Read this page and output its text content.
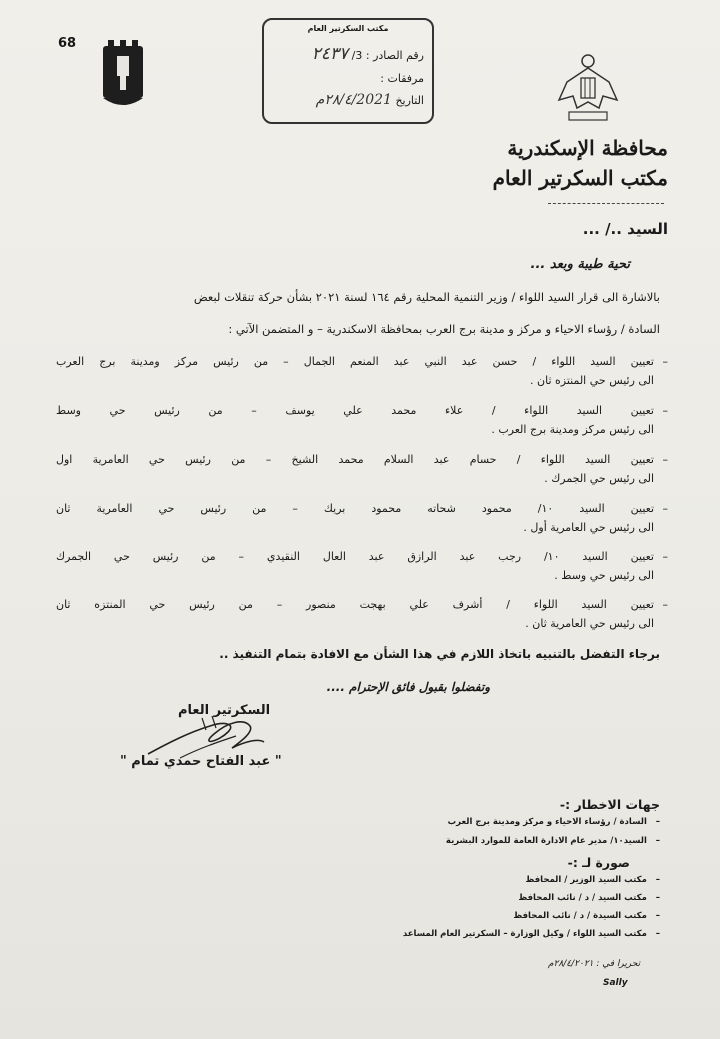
68
مكتب السكرتير العام
رقم الصادر : 3/ ٢٤٣٧
مرفقات :
التاريخ ٢٨/٤/2021م
محافظة الإسكندرية
مكتب السكرتير العام
السيد ../ ...
تحية طيبة وبعد ...
بالاشارة الى قرار السيد اللواء / وزير التنمية المحلية رقم ١٦٤ لسنة ٢٠٢١ بشأن حركة تنقلات لبعض
السادة / رؤساء الاحياء و مركز و مدينة برج العرب بمحافظة الاسكندرية – و المتضمن الآتي :
–
تعيين السيد اللواء / حسن عبد النبي عبد المنعم الجمال – من رئيس مركز ومدينة برج العرب
الى رئيس حي المنتزه ثان .
–
تعيين السيد اللواء / علاء محمد علي يوسف – من رئيس حي وسط
الى رئيس مركز ومدينة برج العرب .
–
تعيين السيد اللواء / حسام عبد السلام محمد الشيخ – من رئيس حي العامرية اول
الى رئيس حي الجمرك .
–
تعيين السيد ١٠/ محمود شحاته محمود بريك – من رئيس حي العامرية ثان
الى رئيس حي العامرية أول .
–
تعيين السيد ١٠/ رجب عبد الرازق عبد العال النقيدي – من رئيس حي الجمرك
الى رئيس حي وسط .
–
تعيين السيد اللواء / أشرف علي بهجت منصور – من رئيس حي المنتزه ثان
الى رئيس حي العامرية ثان .
برجاء التفضل بالتنبيه باتخاذ اللازم في هذا الشأن مع الافادة بتمام التنفيذ ..
وتفضلوا بقبول فائق الإحترام ....
السكرتير العام
" عبد الفتاح حمدي تمام "
جهات الاخطار :-
–   السادة / رؤساء الاحياء و مركز ومدينة برج العرب
–   السيد١٠/ مدير عام الادارة العامة للموارد البشرية
صورة لـ :-
–   مكتب السيد الوزير / المحافظ
–   مكتب السيد / د / نائب المحافظ
–   مكتب السيدة / د / نائب المحافظ
–   مكتب السيد اللواء / وكيل الوزارة – السكرتير العام المساعد
تحريرا في : ٢٨/٤/٢٠٢١م
Sally
